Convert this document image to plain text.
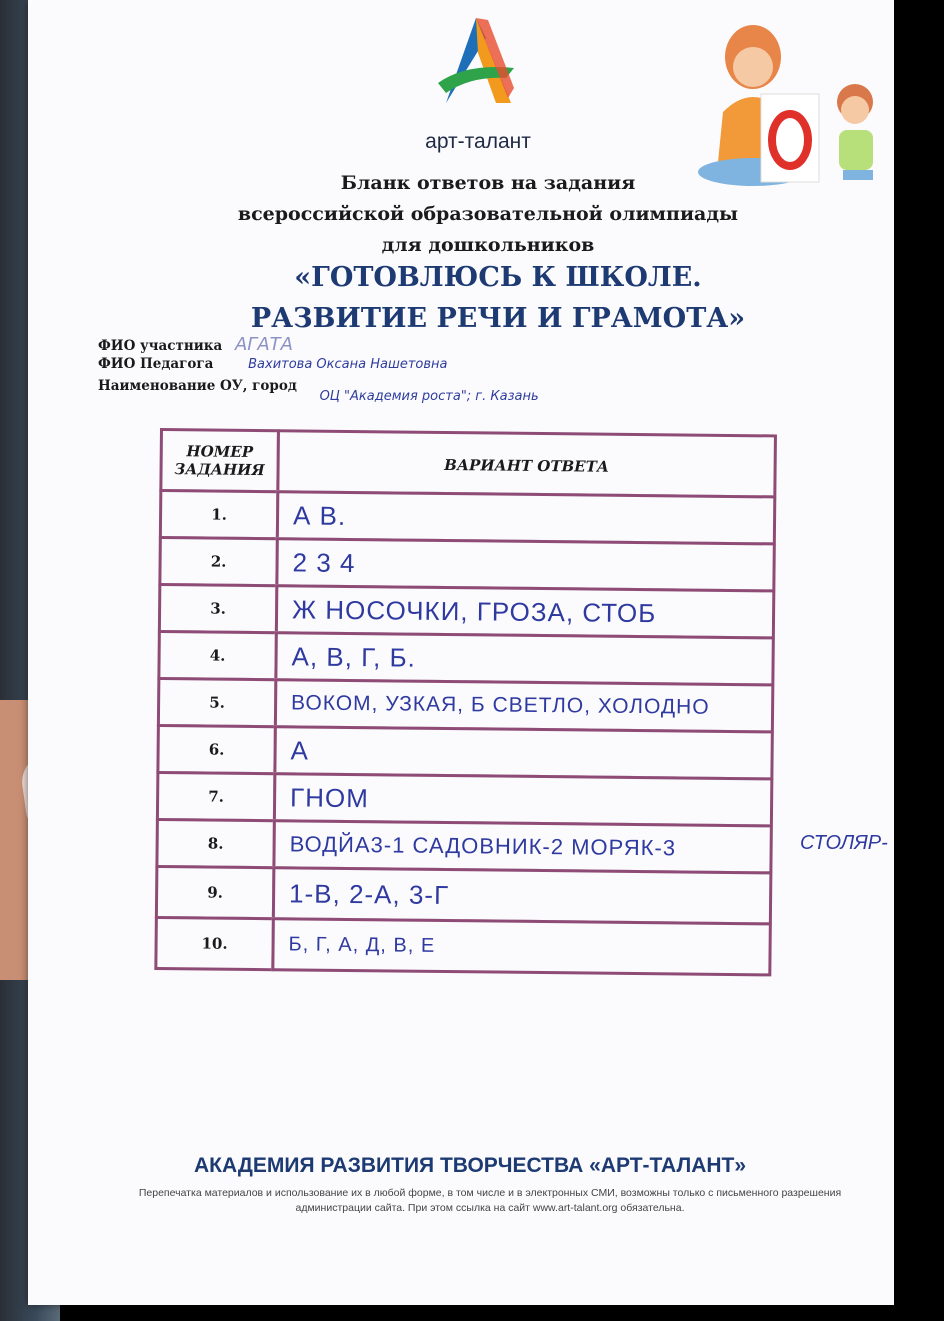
арт-талант
Бланк ответов на задания
всероссийской образовательной олимпиады
для дошкольников
«ГОТОВЛЮСЬ К ШКОЛЕ.
РАЗВИТИЕ РЕЧИ И ГРАМОТА»
ФИО участника АГАТА
ФИО Педагога	Вахитова Оксана Нашетовна
Наименование ОУ, город ОЦ "Академия роста"; г. Казань
НОМЕР ЗАДАНИЯ	ВАРИАНТ ОТВЕТА
1.	А В.
2.	2 3 4
3.	Ж НОСОЧКИ, ГРОЗА, СТОБ
4.	А, В, Г, Б.
5.	ВОКОМ, УЗКАЯ, Б СВЕТЛО, ХОЛОДНО
6.	А
7.	ГНОМ
8.	ВОДЙА3-1 САДОВНИК-2 МОРЯК-3
9.	1-В, 2-А, 3-Г
10.	Б, Г, А, Д, В, Е
СТОЛЯР-
АКАДЕМИЯ РАЗВИТИЯ ТВОРЧЕСТВА «АРТ-ТАЛАНТ»
Перепечатка материалов и использование их в любой форме, в том числе и в электронных СМИ, возможны только с письменного разрешения администрации сайта. При этом ссылка на сайт www.art-talant.org обязательна.
